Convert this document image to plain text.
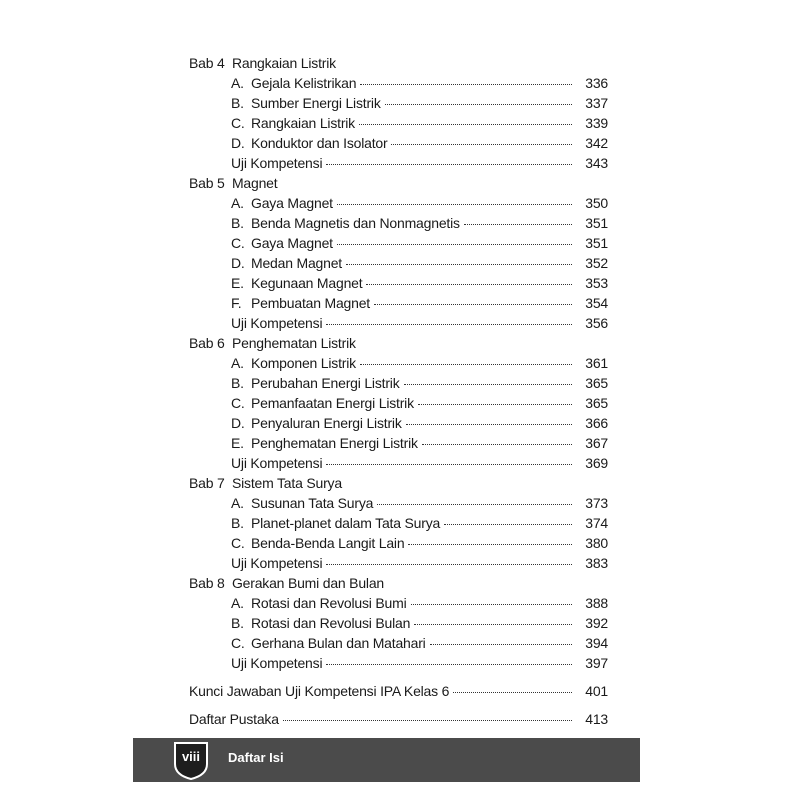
Bab 4  Rangkaian Listrik
A. Gejala Kelistrikan	336
B. Sumber Energi Listrik	337
C. Rangkaian Listrik	339
D. Konduktor dan Isolator	342
Uji Kompetensi	343
Bab 5  Magnet
A. Gaya Magnet	350
B. Benda Magnetis dan Nonmagnetis	351
C. Gaya Magnet	351
D. Medan Magnet	352
E. Kegunaan Magnet	353
F. Pembuatan Magnet	354
Uji Kompetensi	356
Bab 6  Penghematan Listrik
A. Komponen Listrik	361
B. Perubahan Energi Listrik	365
C. Pemanfaatan Energi Listrik	365
D. Penyaluran Energi Listrik	366
E. Penghematan Energi Listrik	367
Uji Kompetensi	369
Bab 7  Sistem Tata Surya
A. Susunan Tata Surya	373
B. Planet-planet dalam Tata Surya	374
C. Benda-Benda Langit Lain	380
Uji Kompetensi	383
Bab 8  Gerakan Bumi dan Bulan
A. Rotasi dan Revolusi Bumi	388
B. Rotasi dan Revolusi Bulan	392
C. Gerhana Bulan dan Matahari	394
Uji Kompetensi	397
Kunci Jawaban Uji Kompetensi IPA Kelas 6	401
Daftar Pustaka	413
viii	Daftar Isi
